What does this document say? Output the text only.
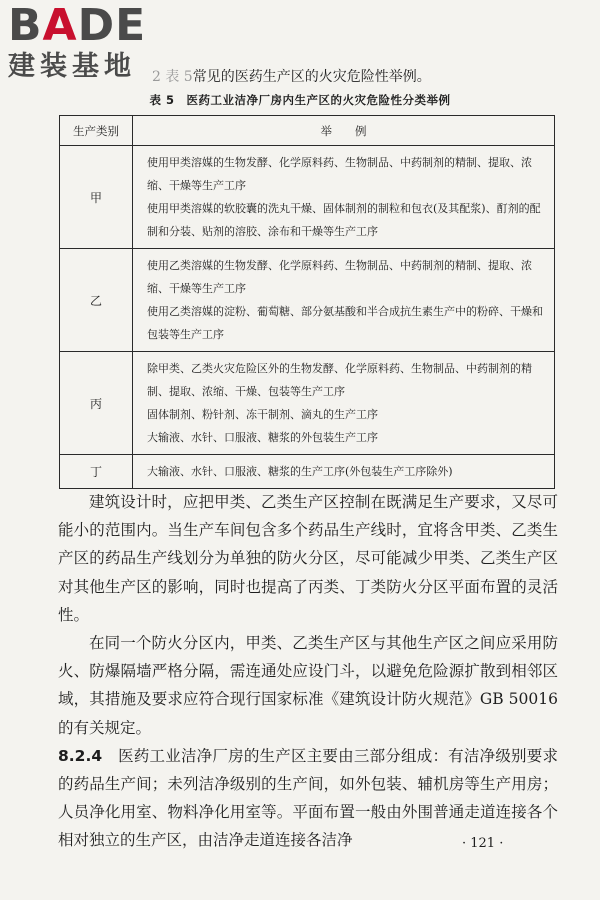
BADE
建装基地	2 表 5常见的医药生产区的火灾危险性举例。
表 5　医药工业洁净厂房内生产区的火灾危险性分类举例
生产类别	举　　例
甲	使用甲类溶媒的生物发酵、化学原料药、生物制品、中药制剂的精制、提取、浓缩、干燥等生产工序

使用甲类溶媒的软胶囊的洗丸干燥、固体制剂的制粒和包衣(及其配浆)、酊剂的配制和分装、贴剂的溶胶、涂布和干燥等生产工序

乙	使用乙类溶媒的生物发酵、化学原料药、生物制品、中药制剂的精制、提取、浓缩、干燥等生产工序

使用乙类溶媒的淀粉、葡萄糖、部分氨基酸和半合成抗生素生产中的粉碎、干燥和包装等生产工序

丙	除甲类、乙类火灾危险区外的生物发酵、化学原料药、生物制品、中药制剂的精制、提取、浓缩、干燥、包装等生产工序

固体制剂、粉针剂、冻干制剂、滴丸的生产工序

大输液、水针、口服液、糖浆的外包装生产工序

丁	大输液、水针、口服液、糖浆的生产工序(外包装生产工序除外)

建筑设计时，应把甲类、乙类生产区控制在既满足生产要求，又尽可能小的范围内。当生产车间包含多个药品生产线时，宜将含甲类、乙类生产区的药品生产线划分为单独的防火分区，尽可能减少甲类、乙类生产区对其他生产区的影响，同时也提高了丙类、丁类防火分区平面布置的灵活性。

在同一个防火分区内，甲类、乙类生产区与其他生产区之间应采用防火、防爆隔墙严格分隔，需连通处应设门斗，以避免危险源扩散到相邻区域，其措施及要求应符合现行国家标准《建筑设计防火规范》GB 50016 的有关规定。

8.2.4　 医药工业洁净厂房的生产区主要由三部分组成：有洁净级别要求的药品生产间；未列洁净级别的生产间，如外包装、辅机房等生产用房；人员净化用室、物料净化用室等。平面布置一般由外围普通走道连接各个相对独立的生产区，由洁净走道连接各洁净	· 121 ·
